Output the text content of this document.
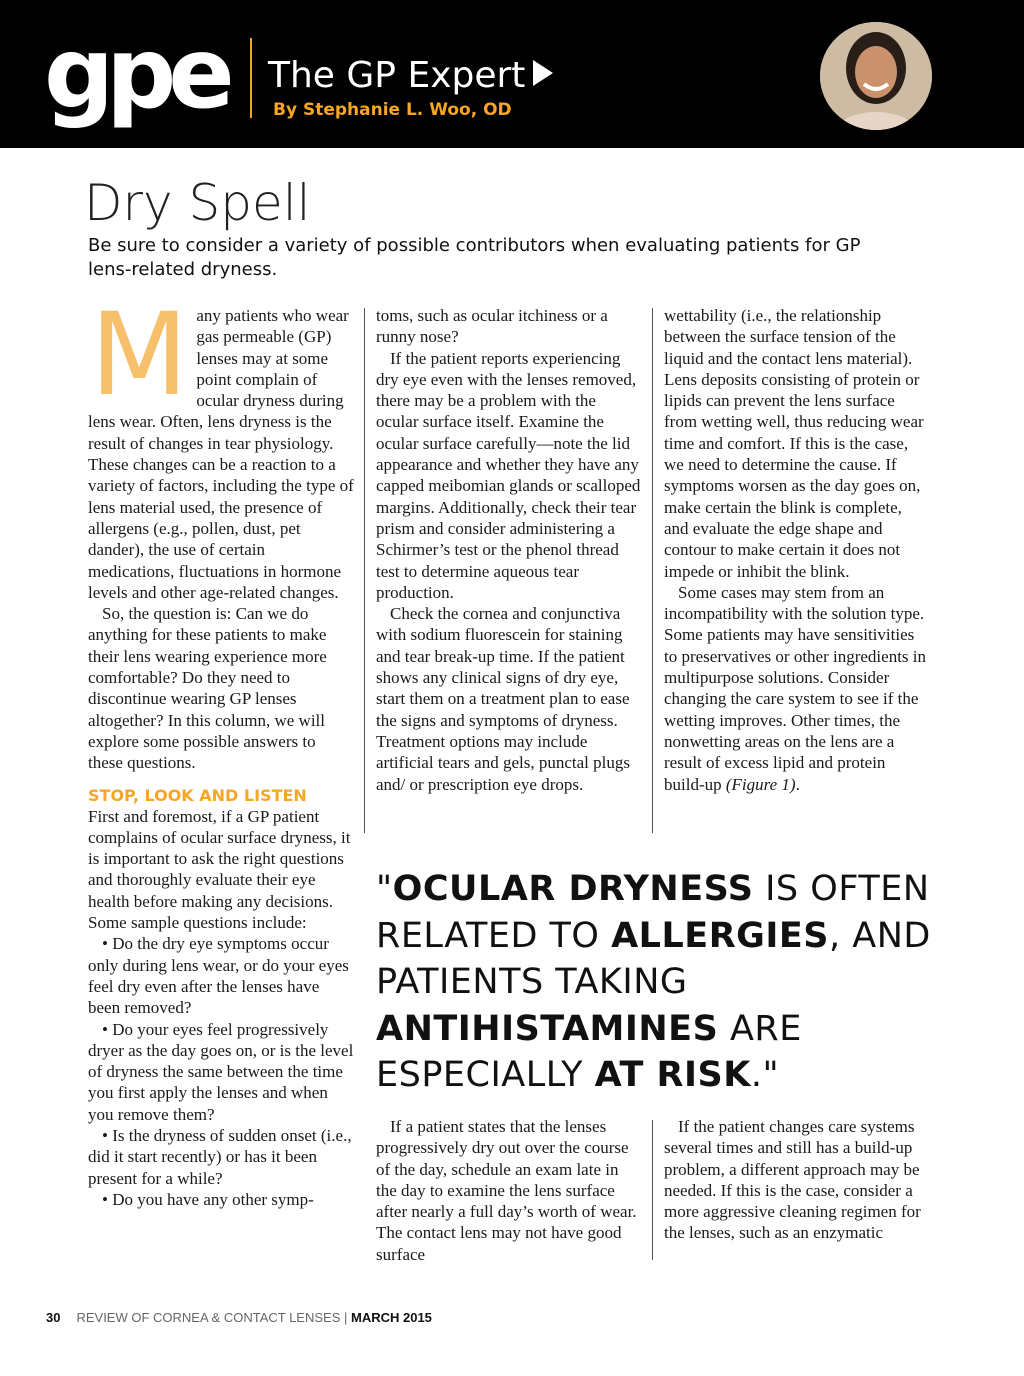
gpe The GP Expert
By Stephanie L. Woo, OD
Dry Spell
Be sure to consider a variety of possible contributors when evaluating patients for GP lens-related dryness.

Many patients who wear gas permeable (GP) lenses may at some point complain of ocular dryness during lens wear. Often, lens dryness is the result of changes in tear physiology. These changes can be a reaction to a variety of factors, including the type of lens material used, the presence of allergens (e.g., pollen, dust, pet dander), the use of certain medications, fluctuations in hormone levels and other age-related changes.

So, the question is: Can we do anything for these patients to make their lens wearing experience more comfortable? Do they need to discontinue wearing GP lenses altogether? In this column, we will explore some possible answers to these questions.

STOP, LOOK AND LISTEN

First and foremost, if a GP patient complains of ocular surface dryness, it is important to ask the right questions and thoroughly evaluate their eye health before making any decisions. Some sample questions include:

• Do the dry eye symptoms occur only during lens wear, or do your eyes feel dry even after the lenses have been removed?

• Do your eyes feel progressively dryer as the day goes on, or is the level of dryness the same between the time you first apply the lenses and when you remove them?

• Is the dryness of sudden onset (i.e., did it start recently) or has it been present for a while?

• Do you have any other symp-

toms, such as ocular itchiness or a runny nose?

If the patient reports experiencing dry eye even with the lenses removed, there may be a problem with the ocular surface itself. Examine the ocular surface carefully—note the lid appearance and whether they have any capped meibomian glands or scalloped margins. Additionally, check their tear prism and consider administering a Schirmer’s test or the phenol thread test to determine aqueous tear production.

Check the cornea and conjunctiva with sodium fluorescein for staining and tear break-up time. If the patient shows any clinical signs of dry eye, start them on a treatment plan to ease the signs and symptoms of dryness. Treatment options may include artificial tears and gels, punctal plugs and/ or prescription eye drops.

wettability (i.e., the relationship between the surface tension of the liquid and the contact lens material). Lens deposits consisting of protein or lipids can prevent the lens surface from wetting well, thus reducing wear time and comfort. If this is the case, we need to determine the cause. If symptoms worsen as the day goes on, make certain the blink is complete, and evaluate the edge shape and contour to make certain it does not impede or inhibit the blink.

Some cases may stem from an incompatibility with the solution type. Some patients may have sensitivities to preservatives or other ingredients in multipurpose solutions. Consider changing the care system to see if the wetting improves. Other times, the nonwetting areas on the lens are a result of excess lipid and protein build-up (Figure 1).

"OCULAR DRYNESS IS OFTEN RELATED TO ALLERGIES, AND PATIENTS TAKING ANTIHISTAMINES ARE ESPECIALLY AT RISK."

If a patient states that the lenses progressively dry out over the course of the day, schedule an exam late in the day to examine the lens surface after nearly a full day’s worth of wear. The contact lens may not have good surface

If the patient changes care systems several times and still has a build-up problem, a different approach may be needed. If this is the case, consider a more aggressive cleaning regimen for the lenses, such as an enzymatic

30 REVIEW OF CORNEA & CONTACT LENSES | MARCH 2015
